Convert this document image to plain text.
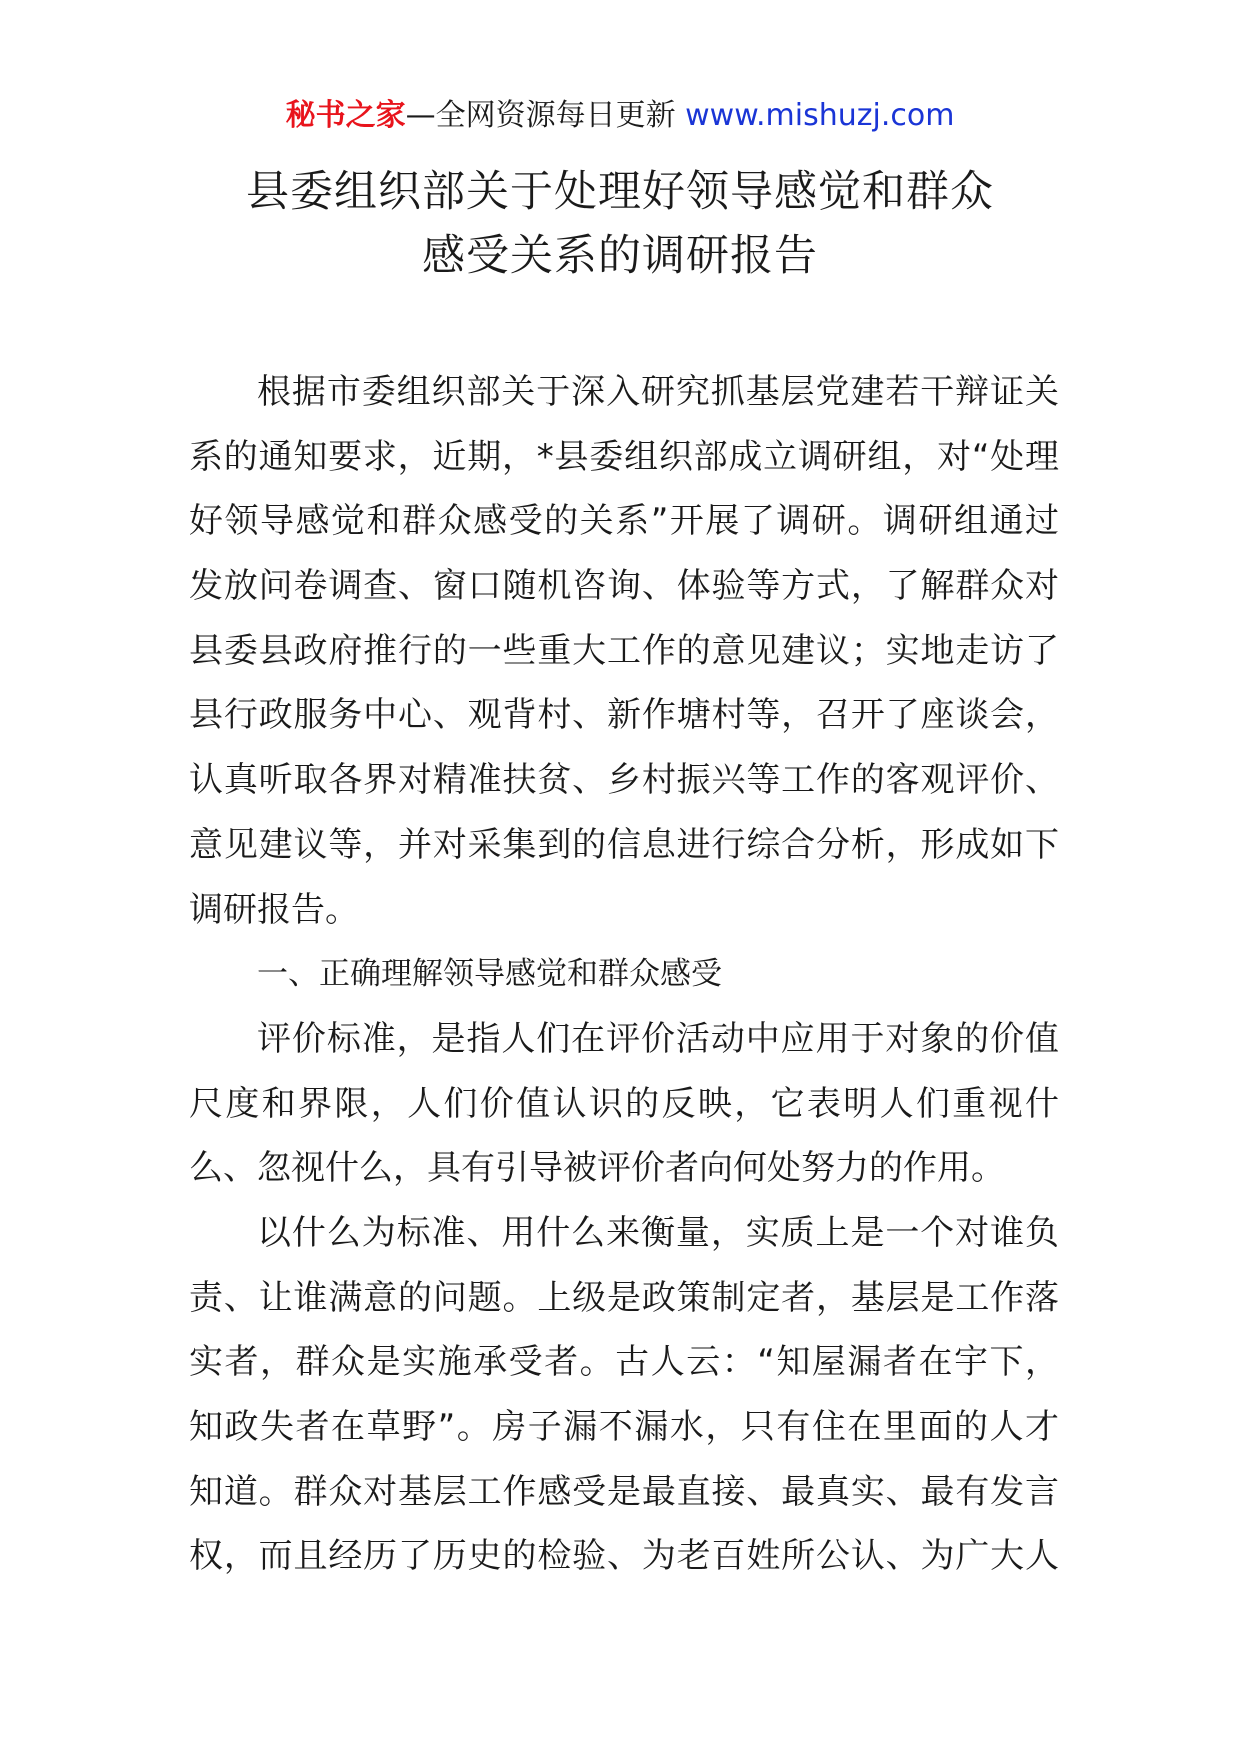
秘书之家—全网资源每日更新 www.mishuzj.com
县委组织部关于处理好领导感觉和群众
感受关系的调研报告
根据市委组织部关于深入研究抓基层党建若干辩证关
系的通知要求，近期，*县委组织部成立调研组，对“处理
好领导感觉和群众感受的关系”开展了调研。调研组通过
发放问卷调查、窗口随机咨询、体验等方式，了解群众对
县委县政府推行的一些重大工作的意见建议；实地走访了
县行政服务中心、观背村、新作塘村等，召开了座谈会，
认真听取各界对精准扶贫、乡村振兴等工作的客观评价、
意见建议等，并对采集到的信息进行综合分析，形成如下
调研报告。
一、正确理解领导感觉和群众感受
评价标准，是指人们在评价活动中应用于对象的价值
尺度和界限，人们价值认识的反映，它表明人们重视什
么、忽视什么，具有引导被评价者向何处努力的作用。
以什么为标准、用什么来衡量，实质上是一个对谁负
责、让谁满意的问题。上级是政策制定者，基层是工作落
实者，群众是实施承受者。古人云：“知屋漏者在宇下，
知政失者在草野”。房子漏不漏水，只有住在里面的人才
知道。群众对基层工作感受是最直接、最真实、最有发言
权，而且经历了历史的检验、为老百姓所公认、为广大人
